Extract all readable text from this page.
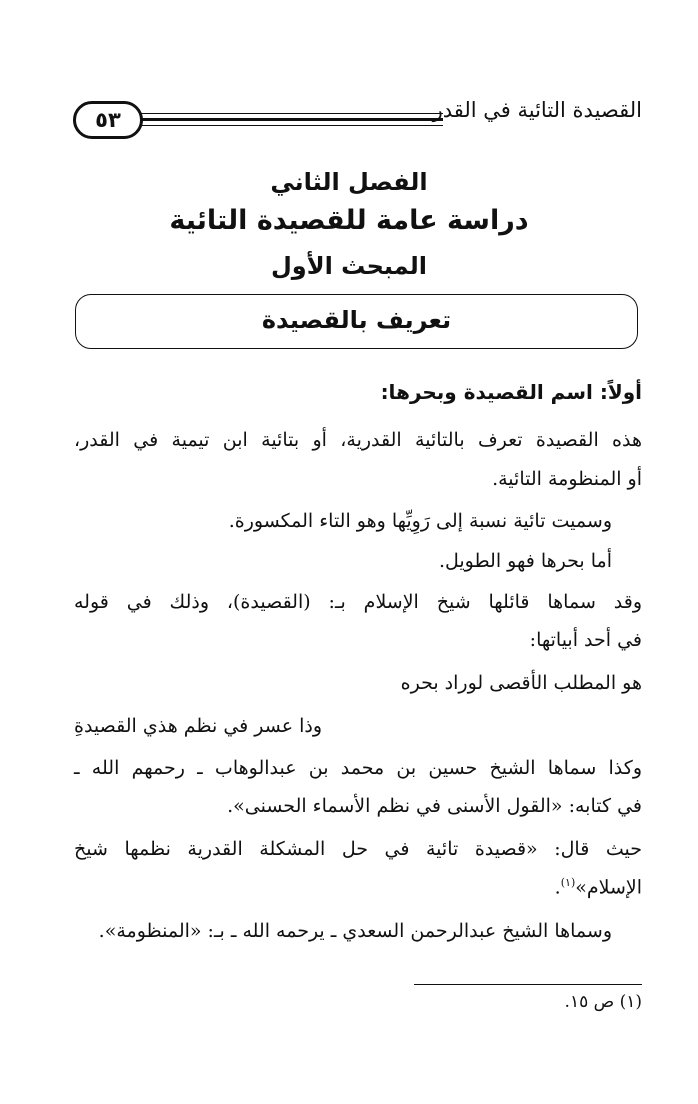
٥٣	القصيدة التائية في القدر
الفصل الثاني
دراسة عامة للقصيدة التائية
المبحث الأول
تعريف بالقصيدة
أولاً: اسم القصيدة وبحرها:
هذه القصيدة تعرف بالتائية القدرية، أو بتائية ابن تيمية في القدر،
أو المنظومة التائية.
وسميت تائية نسبة إلى رَوِيِّها وهو التاء المكسورة.
أما بحرها فهو الطويل.
وقد سماها قائلها شيخ الإسلام بـ: (القصيدة)، وذلك في قوله
في أحد أبياتها:
هو المطلب الأقصى لوراد بحره
وذا عسر في نظم هذي القصيدةِ
وكذا سماها الشيخ حسين بن محمد بن عبدالوهاب ـ رحمهم الله ـ
في كتابه: «القول الأسنى في نظم الأسماء الحسنى».
حيث قال: «قصيدة تائية في حل المشكلة القدرية نظمها شيخ
الإسلام»$^{(١)}$.
وسماها الشيخ عبدالرحمن السعدي ـ يرحمه الله ـ بـ: «المنظومة».
(١) ص ١٥.
